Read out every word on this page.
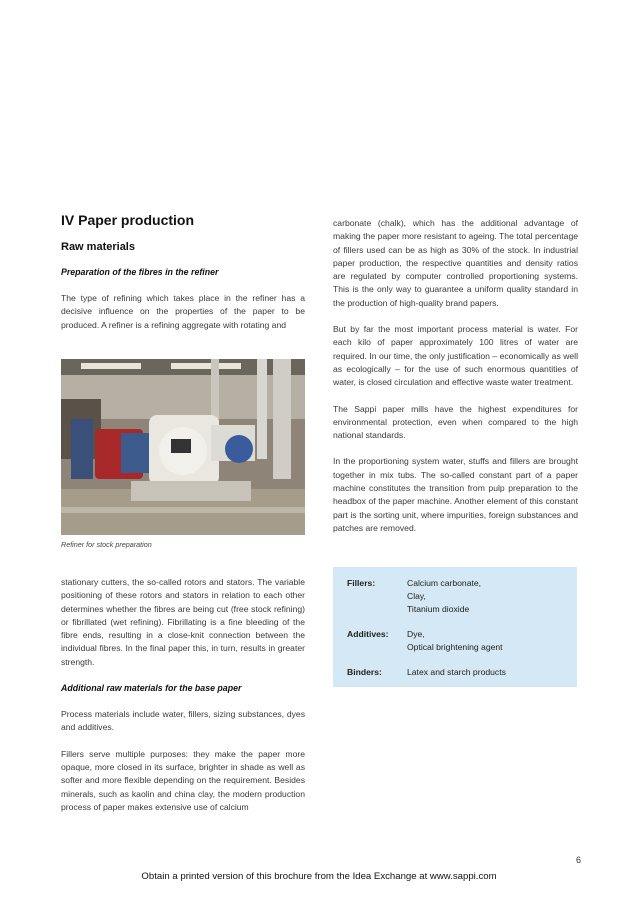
IV Paper production
Raw materials
Preparation of the fibres in the refiner

The type of refining which takes place in the refiner has a decisive influence on the properties of the paper to be produced. A refiner is a refining aggregate with rotating and

Refiner for stock preparation

stationary cutters, the so-called rotors and stators. The variable positioning of these rotors and stators in relation to each other determines whether the fibres are being cut (free stock refining) or fibrillated (wet refining). Fibrillating is a fine bleeding of the fibre ends, resulting in a close-knit connection between the individual fibres. In the final paper this, in turn, results in greater strength.

Additional raw materials for the base paper

Process materials include water, fillers, sizing substances, dyes and additives.

Fillers serve multiple purposes: they make the paper more opaque, more closed in its surface, brighter in shade as well as softer and more flexible depending on the requirement. Besides minerals, such as kaolin and china clay, the modern production process of paper makes extensive use of calcium

carbonate (chalk), which has the additional advantage of making the paper more resistant to ageing. The total percentage of fillers used can be as high as 30% of the stock. In industrial paper production, the respective quantities and density ratios are regulated by computer controlled proportioning systems. This is the only way to guarantee a uniform quality standard in the production of high-quality brand papers.

But by far the most important process material is water. For each kilo of paper approximately 100 litres of water are required. In our time, the only justification – economically as well as ecologically – for the use of such enormous quantities of water, is closed circulation and effective waste water treatment.

The Sappi paper mills have the highest expenditures for environmental protection, even when compared to the high national standards.

In the proportioning system water, stuffs and fillers are brought together in mix tubs. The so-called constant part of a paper machine constitutes the transition from pulp preparation to the headbox of the paper machine. Another element of this constant part is the sorting unit, where impurities, foreign substances and patches are removed.

Fillers:	Calcium carbonate,
Clay,
Titanium dioxide
Additives:	Dye,
Optical brightening agent
Binders:	Latex and starch products
6
Obtain a printed version of this brochure from the Idea Exchange at www.sappi.com
